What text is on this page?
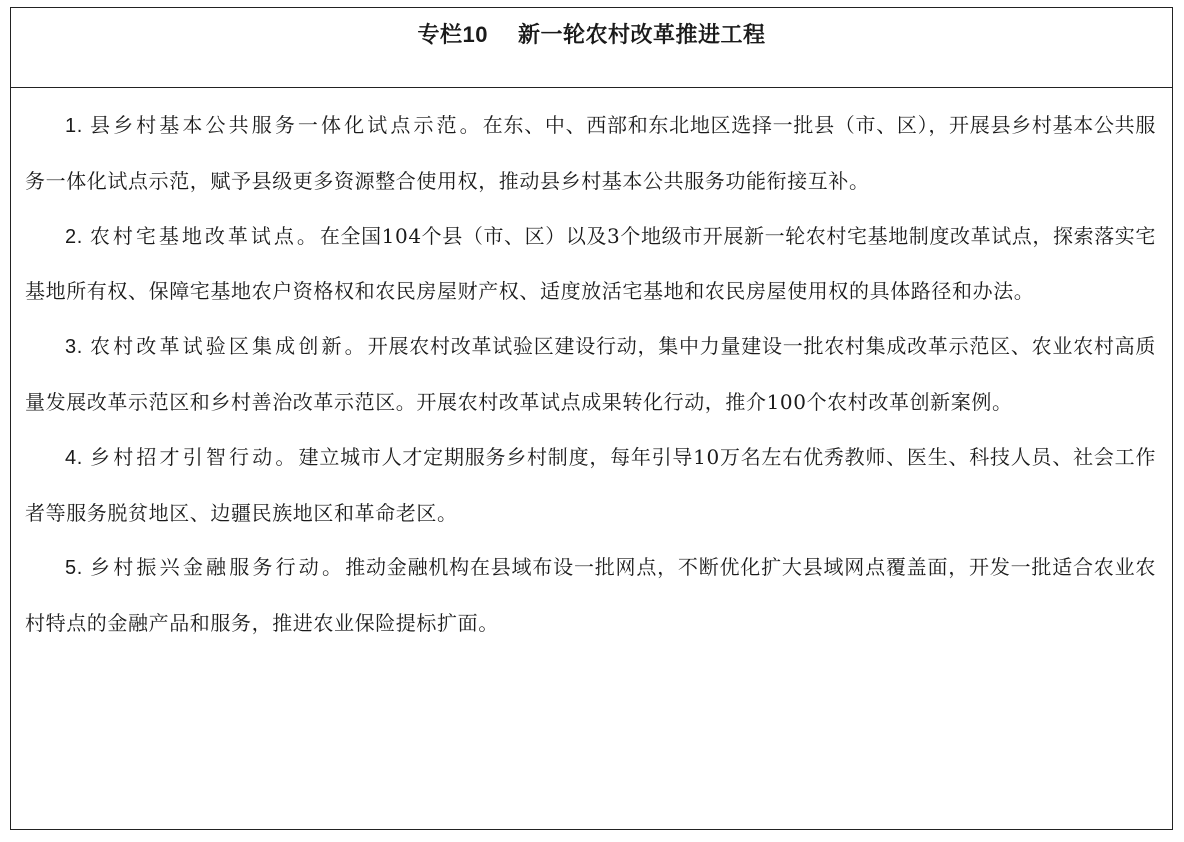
专栏10 新一轮农村改革推进工程

1. 县乡村基本公共服务一体化试点示范。在东、中、西部和东北地区选择一批县（市、区），开展县乡村基本公共服务一体化试点示范，赋予县级更多资源整合使用权，推动县乡村基本公共服务功能衔接互补。

2. 农村宅基地改革试点。在全国104个县（市、区）以及3个地级市开展新一轮农村宅基地制度改革试点，探索落实宅基地所有权、保障宅基地农户资格权和农民房屋财产权、适度放活宅基地和农民房屋使用权的具体路径和办法。

3. 农村改革试验区集成创新。开展农村改革试验区建设行动，集中力量建设一批农村集成改革示范区、农业农村高质量发展改革示范区和乡村善治改革示范区。开展农村改革试点成果转化行动，推介100个农村改革创新案例。

4. 乡村招才引智行动。建立城市人才定期服务乡村制度，每年引导10万名左右优秀教师、医生、科技人员、社会工作者等服务脱贫地区、边疆民族地区和革命老区。

5. 乡村振兴金融服务行动。推动金融机构在县域布设一批网点，不断优化扩大县域网点覆盖面，开发一批适合农业农村特点的金融产品和服务，推进农业保险提标扩面。
